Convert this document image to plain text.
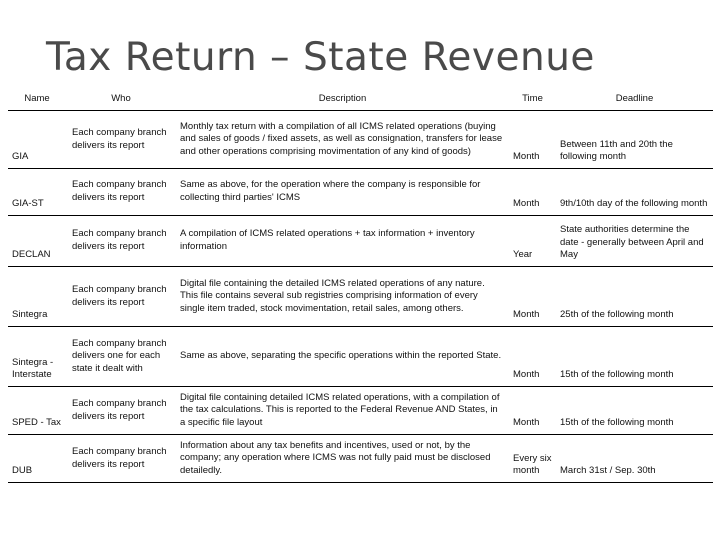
Tax Return – State Revenue
Name	Who	Description	Time	Deadline
GIA	Each company branch delivers its report	Monthly tax return with a compilation of all ICMS related operations (buying and sales of goods / fixed assets, as well as consignation, transfers for lease and other operations comprising movimentation of any kind of goods)	Month	Between 11th and 20th the following month
GIA-ST	Each company branch delivers its report	Same as above, for the operation where the company is responsible for collecting third parties' ICMS	Month	9th/10th day of the following month
DECLAN	Each company branch delivers its report	A compilation of ICMS related operations + tax information + inventory information	Year	State authorities determine the date - generally between April and May
Sintegra	Each company branch delivers its report	Digital file containing the detailed ICMS related operations of any nature. This file contains several sub registries comprising information of every single item traded, stock movimentation, retail sales, among others.	Month	25th of the following month
Sintegra - Interstate	Each company branch delivers one for each state it dealt with	Same as above, separating the specific operations within the reported State.	Month	15th of the following month
SPED - Tax	Each company branch delivers its report	Digital file containing detailed ICMS related operations, with a compilation of the tax calculations. This is reported to the Federal Revenue AND States, in a specific file layout	Month	15th of the following month
DUB	Each company branch delivers its report	Information about any tax benefits and incentives, used or not, by the company; any operation where ICMS was not fully paid must be disclosed detailedly.	Every six month	March 31st / Sep. 30th
